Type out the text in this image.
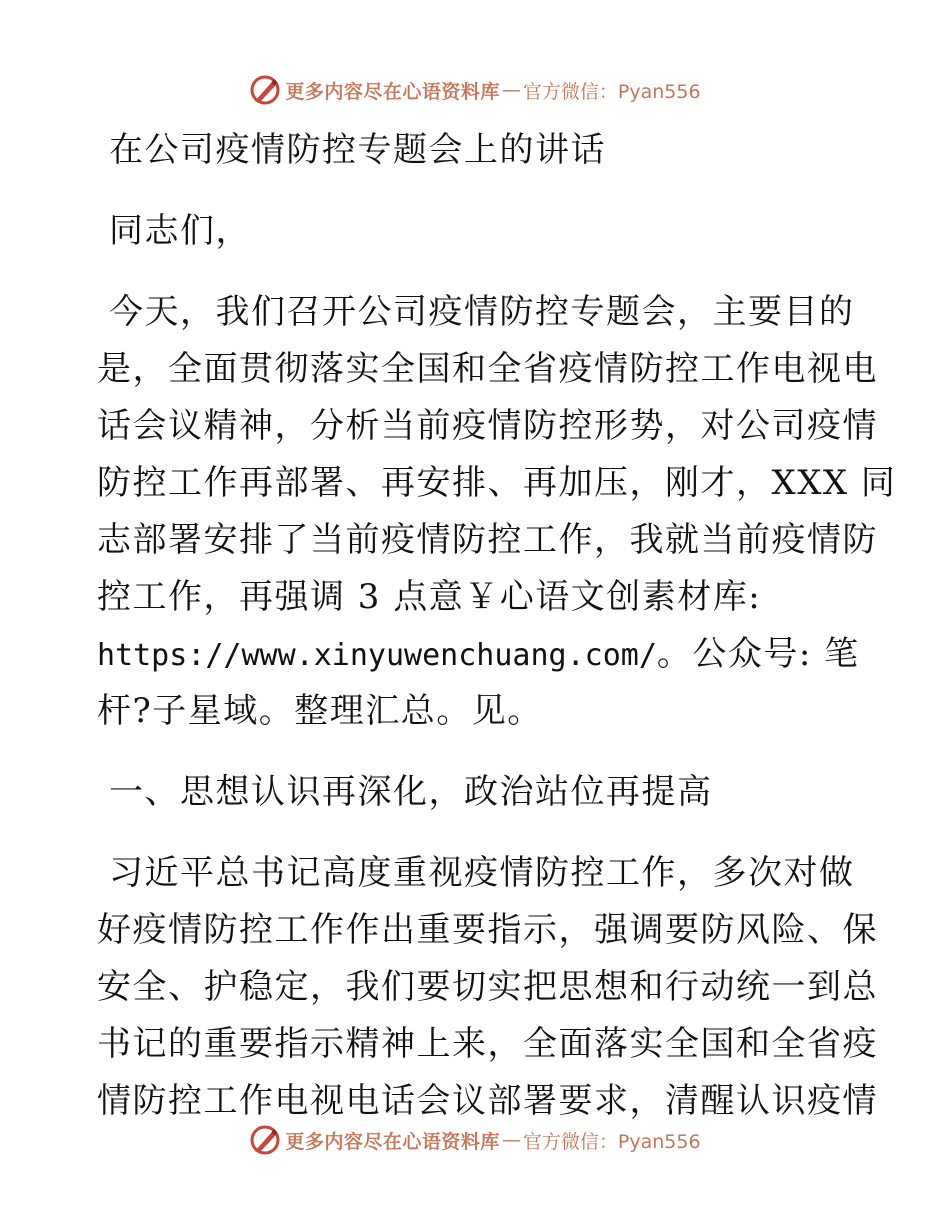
更多内容尽在心语资料库 — 官方微信：Pyan556
在公司疫情防控专题会上的讲话
同志们，
今天，我们召开公司疫情防控专题会，主要目的
是，全面贯彻落实全国和全省疫情防控工作电视电
话会议精神，分析当前疫情防控形势，对公司疫情
防控工作再部署、再安排、再加压，刚才，XXX 同
志部署安排了当前疫情防控工作，我就当前疫情防
控工作，再强调 3 点意￥心语文创素材库:
https://www.xinyuwenchuang.com/。公众号: 笔
杆?子星域。整理汇总。见。
一、思想认识再深化，政治站位再提高
习近平总书记高度重视疫情防控工作，多次对做
好疫情防控工作作出重要指示，强调要防风险、保
安全、护稳定，我们要切实把思想和行动统一到总
书记的重要指示精神上来，全面落实全国和全省疫
情防控工作电视电话会议部署要求，清醒认识疫情
更多内容尽在心语资料库 — 官方微信：Pyan556
